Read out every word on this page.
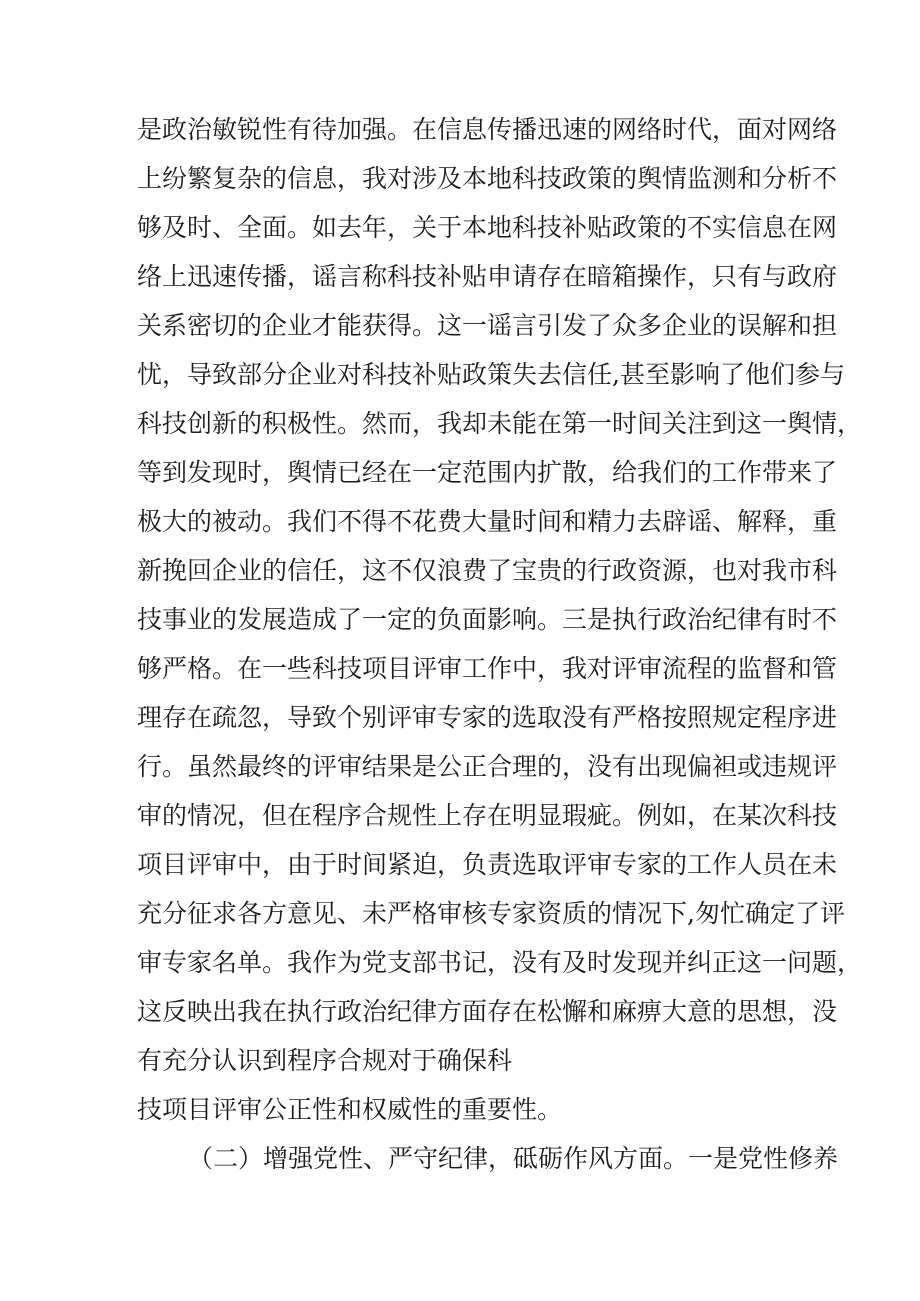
是政治敏锐性有待加强。在信息传播迅速的网络时代，面对网络
上纷繁复杂的信息，我对涉及本地科技政策的舆情监测和分析不
够及时、全面。如去年，关于本地科技补贴政策的不实信息在网
络上迅速传播，谣言称科技补贴申请存在暗箱操作，只有与政府
关系密切的企业才能获得。这一谣言引发了众多企业的误解和担
忧，导致部分企业对科技补贴政策失去信任,甚至影响了他们参与
科技创新的积极性。然而，我却未能在第一时间关注到这一舆情，
等到发现时，舆情已经在一定范围内扩散，给我们的工作带来了
极大的被动。我们不得不花费大量时间和精力去辟谣、解释，重
新挽回企业的信任，这不仅浪费了宝贵的行政资源，也对我市科
技事业的发展造成了一定的负面影响。三是执行政治纪律有时不
够严格。在一些科技项目评审工作中，我对评审流程的监督和管
理存在疏忽，导致个别评审专家的选取没有严格按照规定程序进
行。虽然最终的评审结果是公正合理的，没有出现偏袒或违规评
审的情况，但在程序合规性上存在明显瑕疵。例如，在某次科技
项目评审中，由于时间紧迫，负责选取评审专家的工作人员在未
充分征求各方意见、未严格审核专家资质的情况下,匆忙确定了评
审专家名单。我作为党支部书记，没有及时发现并纠正这一问题，
这反映出我在执行政治纪律方面存在松懈和麻痹大意的思想，没
有充分认识到程序合规对于确保科
技项目评审公正性和权威性的重要性。
（二）增强党性、严守纪律，砥砺作风方面。一是党性修养
